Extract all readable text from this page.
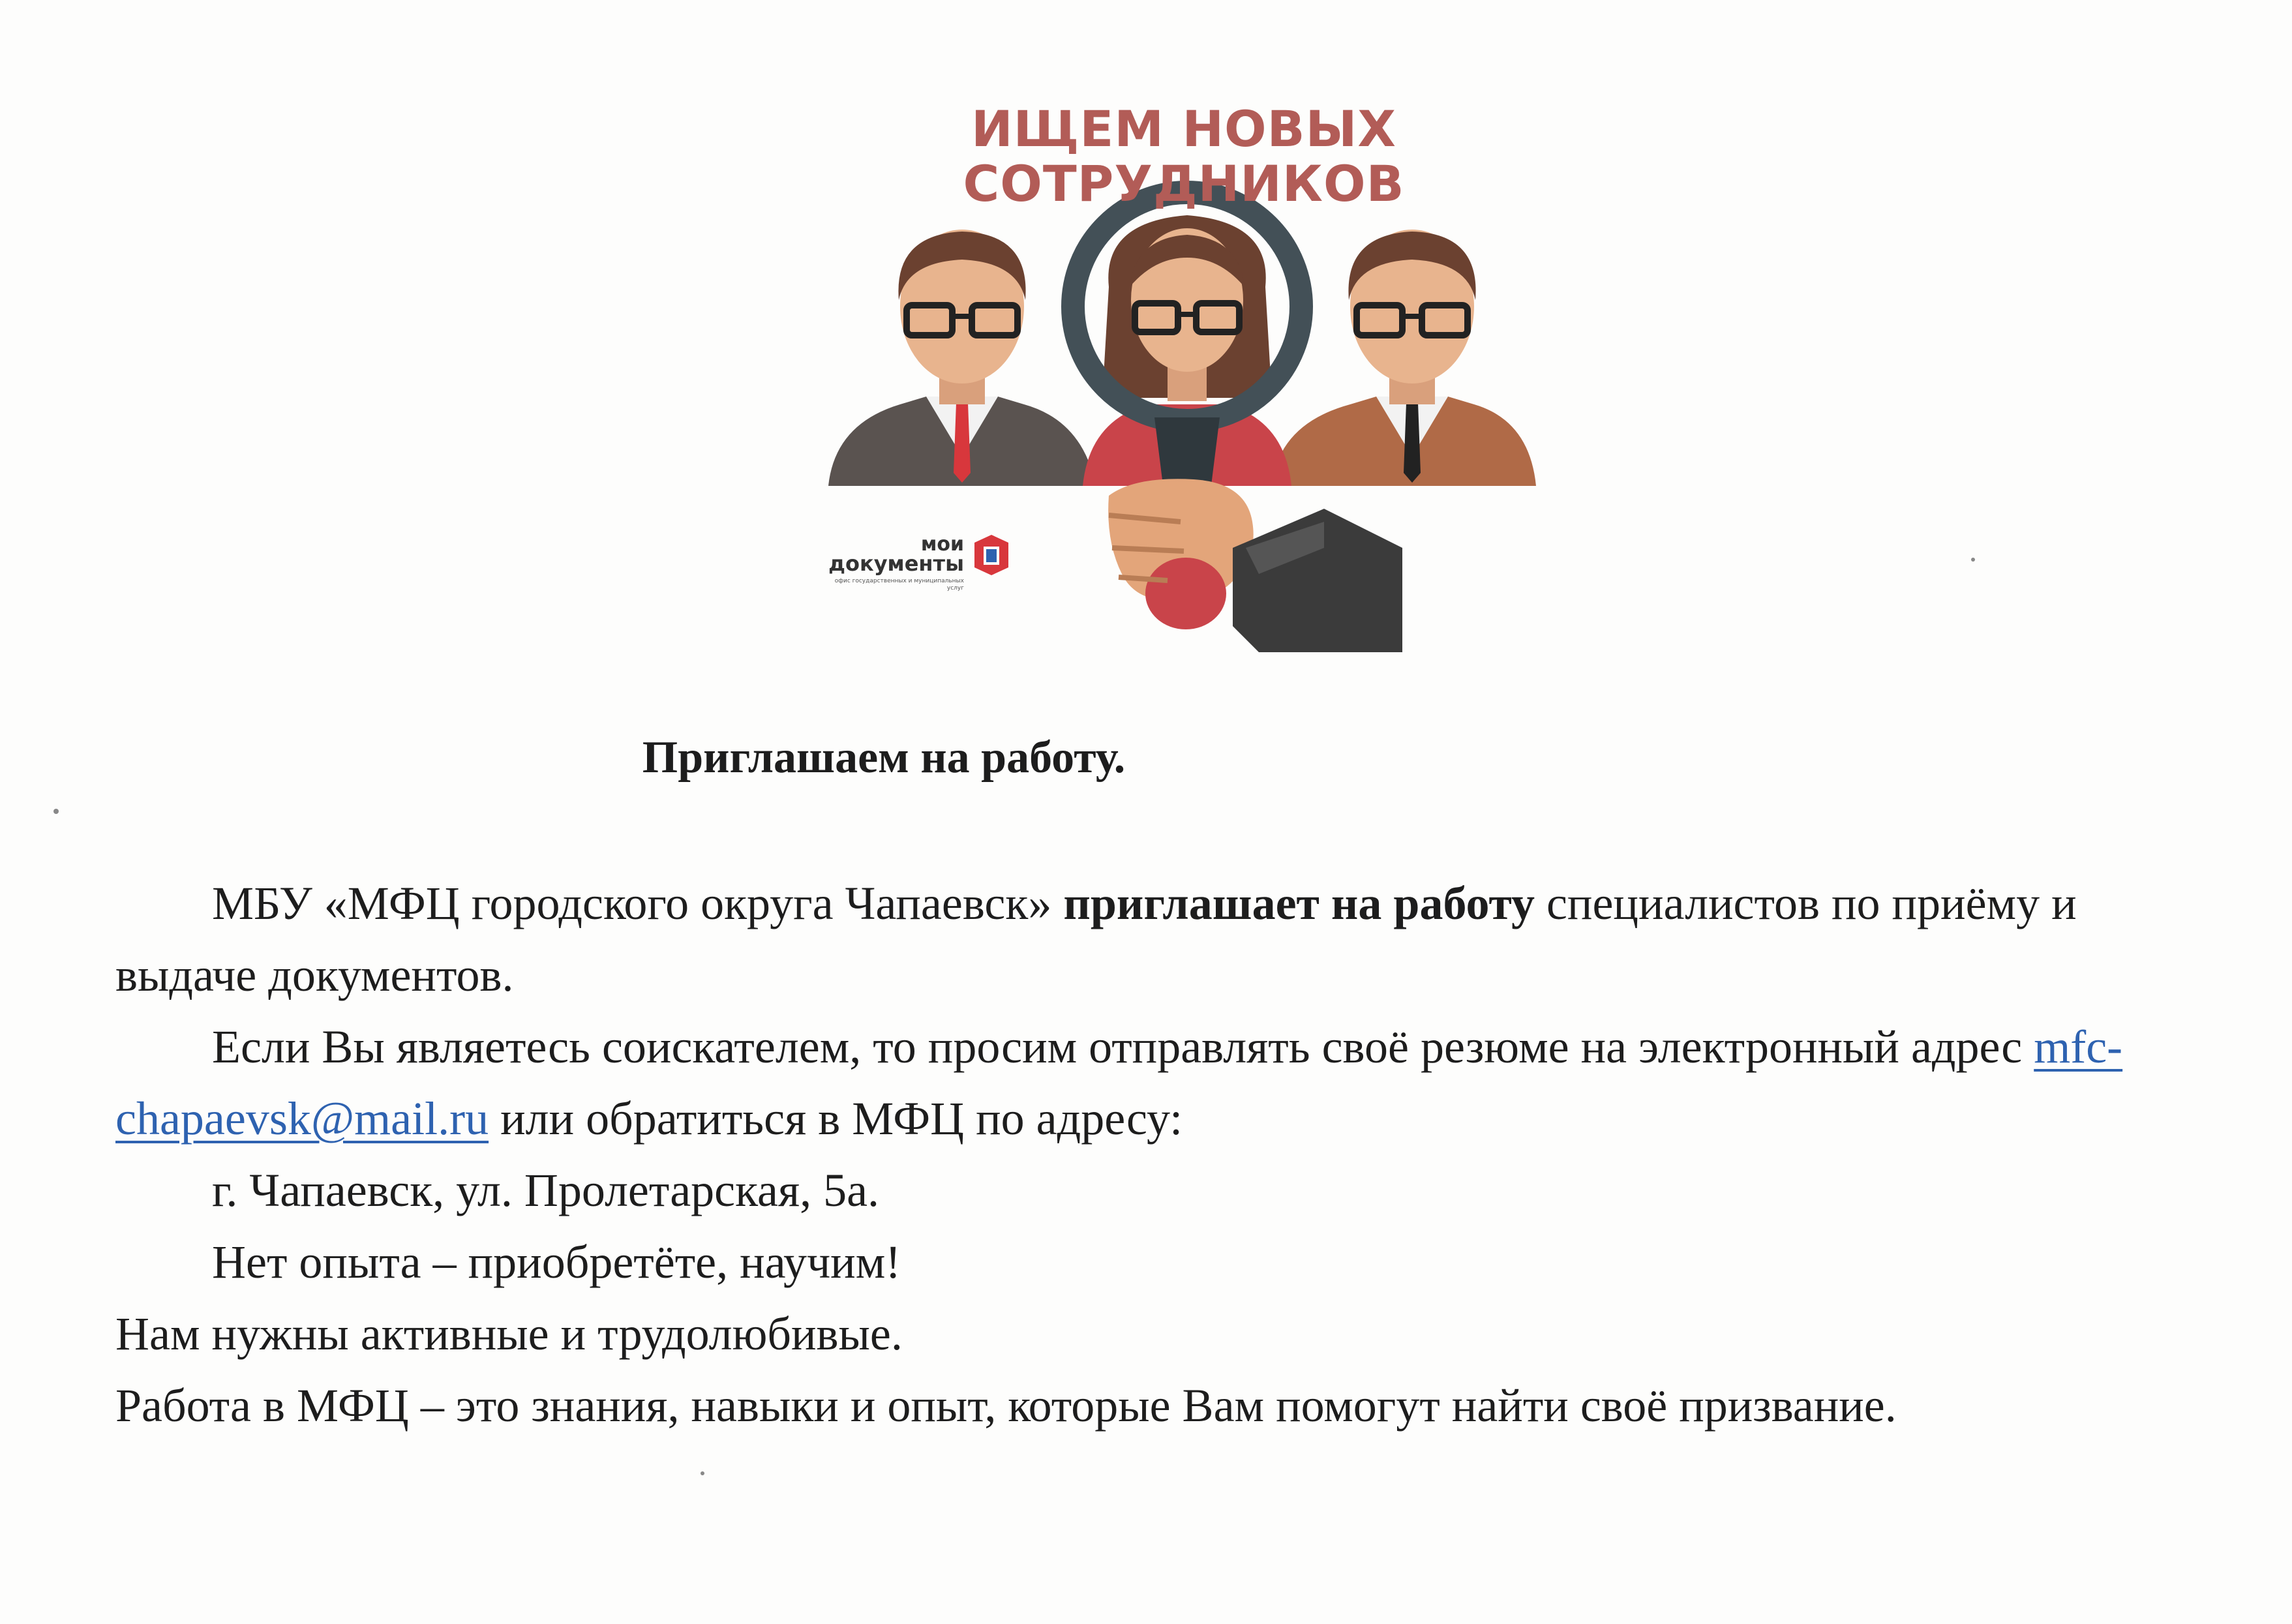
ИЩЕМ НОВЫХ
СОТРУДНИКОВ
мои
документы
офис государственных и муниципальных услуг
Приглашаем на работу.

МБУ «МФЦ городского округа Чапаевск» приглашает на работу специалистов по приёму и выдаче документов.

Если Вы являетесь соискателем, то просим отправлять своё резюме на электронный адрес mfc-chapaevsk@mail.ru или обратиться в МФЦ по адресу:

г. Чапаевск, ул. Пролетарская, 5а.

Нет опыта – приобретёте, научим!

Нам нужны активные и трудолюбивые.

Работа в МФЦ – это знания, навыки и опыт, которые Вам помогут найти своё призвание.
